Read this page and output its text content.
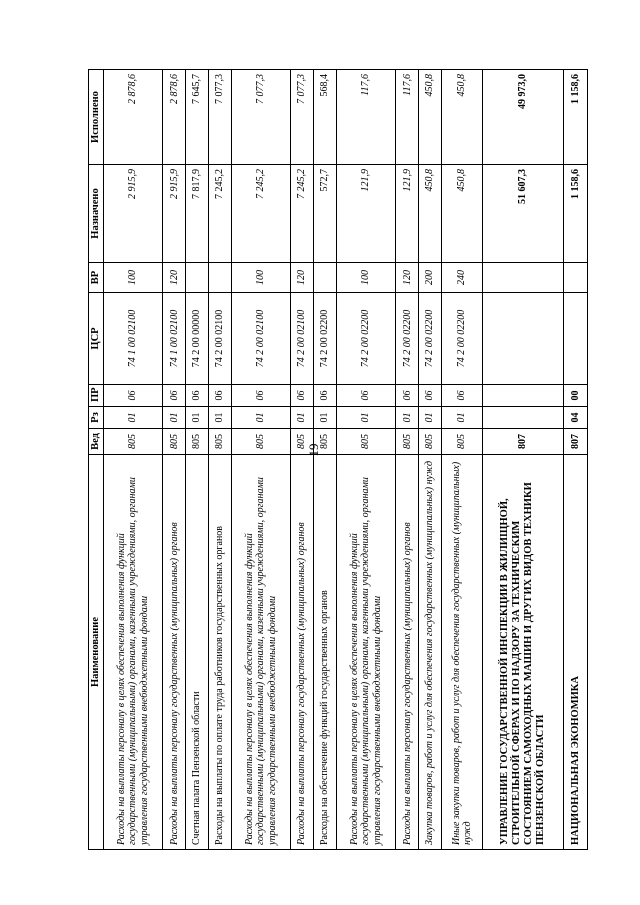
19
Наименование	Вед	Рз	ПР	ЦСР	ВР	Назначено	Исполнено
Расходы на выплаты персоналу в целях обеспечения выполнения функций государственными (муниципальными) органами, казенными учреждениями, органами управления государственными внебюджетными фондами	805	01	06	74 1 00 02100	100	2 915,9	2 878,6
Расходы на выплаты персоналу государственных (муниципальных) органов	805	01	06	74 1 00 02100	120	2 915,9	2 878,6
Счетная палата Пензенской области	805	01	06	74 2 00 00000		7 817,9	7 645,7
Расходы на выплаты по оплате труда работников государственных органов	805	01	06	74 2 00 02100		7 245,2	7 077,3
Расходы на выплаты персоналу в целях обеспечения выполнения функций государственными (муниципальными) органами, казенными учреждениями, органами управления государственными внебюджетными фондами	805	01	06	74 2 00 02100	100	7 245,2	7 077,3
Расходы на выплаты персоналу государственных (муниципальных) органов	805	01	06	74 2 00 02100	120	7 245,2	7 077,3
Расходы на обеспечение функций государственных органов	805	01	06	74 2 00 02200		572,7	568,4
Расходы на выплаты персоналу в целях обеспечения выполнения функций государственными (муниципальными) органами, казенными учреждениями, органами управления государственными внебюджетными фондами	805	01	06	74 2 00 02200	100	121,9	117,6
Расходы на выплаты персоналу государственных (муниципальных) органов	805	01	06	74 2 00 02200	120	121,9	117,6
Закупка товаров, работ и услуг для обеспечения государственных (муниципальных) нужд	805	01	06	74 2 00 02200	200	450,8	450,8
Иные закупки товаров, работ и услуг для обеспечения государственных (муниципальных) нужд	805	01	06	74 2 00 02200	240	450,8	450,8
УПРАВЛЕНИЕ ГОСУДАРСТВЕННОЙ ИНСПЕКЦИИ В ЖИЛИЩНОЙ, СТРОИТЕЛЬНОЙ СФЕРАХ И ПО НАДЗОРУ ЗА ТЕХНИЧЕСКИМ СОСТОЯНИЕМ САМОХОДНЫХ МАШИН И ДРУГИХ ВИДОВ ТЕХНИКИ ПЕНЗЕНСКОЙ ОБЛАСТИ	807					51 607,3	49 973,0
НАЦИОНАЛЬНАЯ ЭКОНОМИКА	807	04	00			1 158,6	1 158,6
